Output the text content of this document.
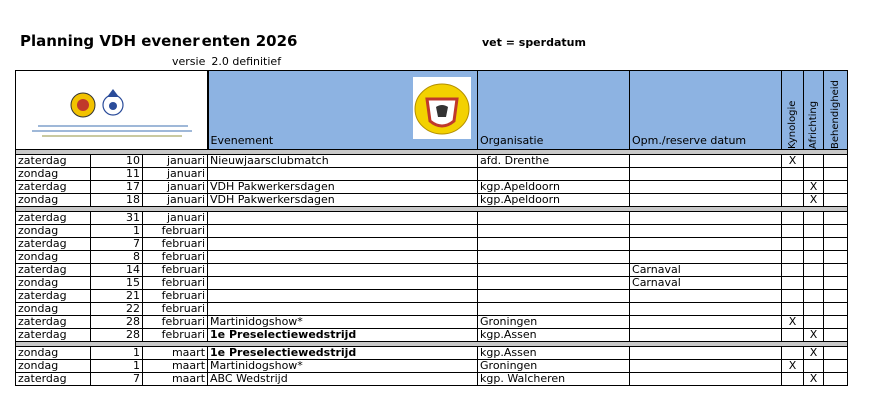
Planning VDH evener enten 2026	vet = sperdatum
versie 2.0 definitief

Evenement	Organisatie	Opm./reserve datum	Kynologie	Africhting	Behendigheid

zaterdag	10	januari	Nieuwjaarsclubmatch	afd. Drenthe		X		
zondag	11	januari						
zaterdag	17	januari	VDH Pakwerkersdagen	kgp.Apeldoorn			X	
zondag	18	januari	VDH Pakwerkersdagen	kgp.Apeldoorn			X	

zaterdag	31	januari						
zondag	1	februari						
zaterdag	7	februari						
zondag	8	februari						
zaterdag	14	februari			Carnaval			
zondag	15	februari			Carnaval			
zaterdag	21	februari						
zondag	22	februari						
zaterdag	28	februari	Martinidogshow*	Groningen		X		
zaterdag	28	februari	1e Preselectiewedstrijd	kgp.Assen			X	

zondag	1	maart	1e Preselectiewedstrijd	kgp.Assen			X	
zondag	1	maart	Martinidogshow*	Groningen		X		
zaterdag	7	maart	ABC Wedstrijd	kgp. Walcheren			X	
